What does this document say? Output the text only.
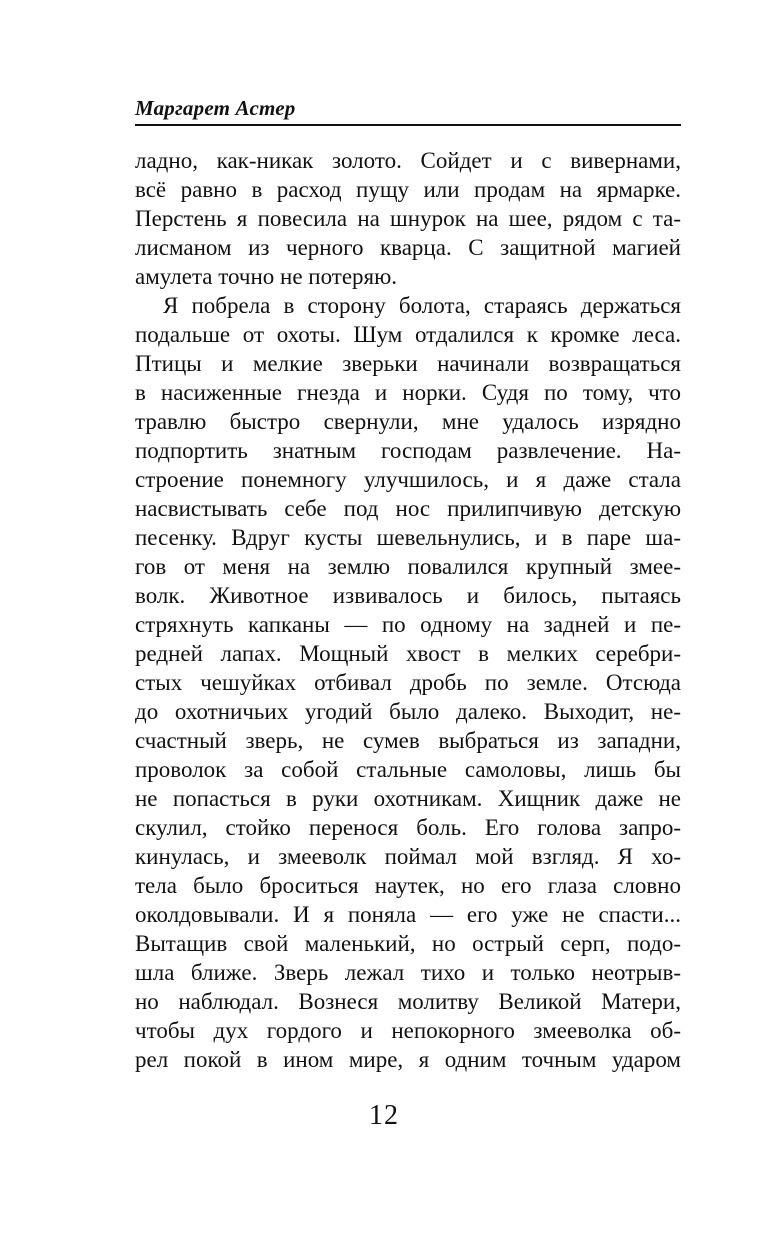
Маргарет Астер
ладно, как-никак золото. Сойдет и с вивернами,
всё равно в расход пущу или продам на ярмарке.
Перстень я повесила на шнурок на шее, рядом с та-
лисманом из черного кварца. С защитной магией
амулета точно не потеряю.
Я побрела в сторону болота, стараясь держаться
подальше от охоты. Шум отдалился к кромке леса.
Птицы и мелкие зверьки начинали возвращаться
в насиженные гнезда и норки. Судя по тому, что
травлю быстро свернули, мне удалось изрядно
подпортить знатным господам развлечение. На-
строение понемногу улучшилось, и я даже стала
насвистывать себе под нос прилипчивую детскую
песенку. Вдруг кусты шевельнулись, и в паре ша-
гов от меня на землю повалился крупный змее-
волк. Животное извивалось и билось, пытаясь
стряхнуть капканы — по одному на задней и пе-
редней лапах. Мощный хвост в мелких серебри-
стых чешуйках отбивал дробь по земле. Отсюда
до охотничьих угодий было далеко. Выходит, не-
счастный зверь, не сумев выбраться из западни,
проволок за собой стальные самоловы, лишь бы
не попасться в руки охотникам. Хищник даже не
скулил, стойко перенося боль. Его голова запро-
кинулась, и змееволк поймал мой взгляд. Я хо-
тела было броситься наутек, но его глаза словно
околдовывали. И я поняла — его уже не спасти...
Вытащив свой маленький, но острый серп, подо-
шла ближе. Зверь лежал тихо и только неотрыв-
но наблюдал. Вознеся молитву Великой Матери,
чтобы дух гордого и непокорного змееволка об-
рел покой в ином мире, я одним точным ударом
12
